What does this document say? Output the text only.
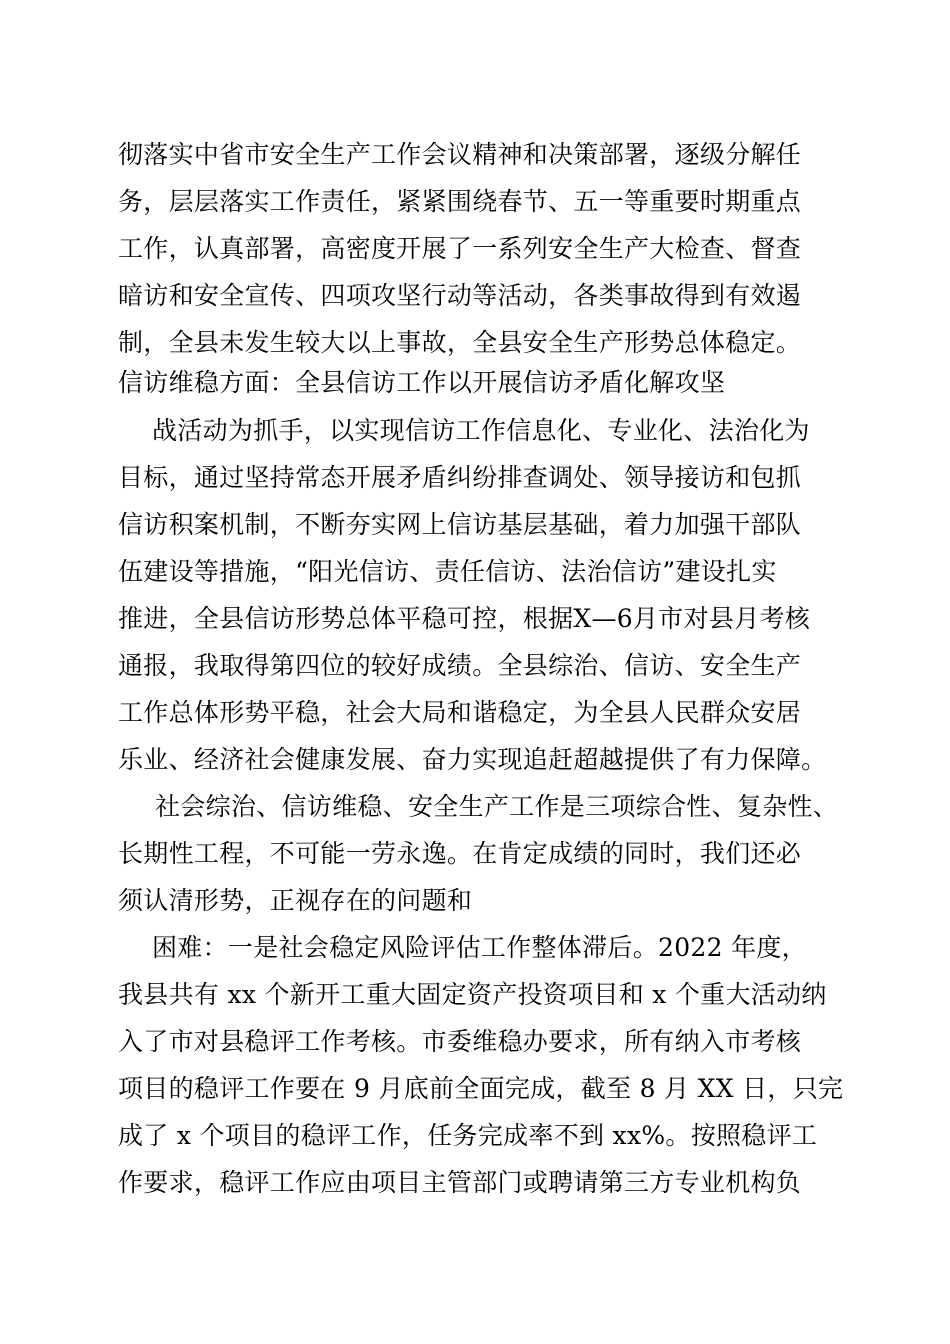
彻落实中省市安全生产工作会议精神和决策部署，逐级分解任
务，层层落实工作责任，紧紧围绕春节、五一等重要时期重点
工作，认真部署，高密度开展了一系列安全生产大检查、督查
暗访和安全宣传、四项攻坚行动等活动，各类事故得到有效遏
制，全县未发生较大以上事故，全县安全生产形势总体稳定。
信访维稳方面：全县信访工作以开展信访矛盾化解攻坚
战活动为抓手，以实现信访工作信息化、专业化、法治化为
目标，通过坚持常态开展矛盾纠纷排查调处、领导接访和包抓
信访积案机制，不断夯实网上信访基层基础，着力加强干部队
伍建设等措施，“阳光信访、责任信访、法治信访”建设扎实
推进，全县信访形势总体平稳可控，根据X—6月市对县月考核
通报，我取得第四位的较好成绩。全县综治、信访、安全生产
工作总体形势平稳，社会大局和谐稳定，为全县人民群众安居
乐业、经济社会健康发展、奋力实现追赶超越提供了有力保障。
社会综治、信访维稳、安全生产工作是三项综合性、复杂性、
长期性工程，不可能一劳永逸。在肯定成绩的同时，我们还必
须认清形势，正视存在的问题和
困难：一是社会稳定风险评估工作整体滞后。2022 年度，
我县共有 xx 个新开工重大固定资产投资项目和 x 个重大活动纳
入了市对县稳评工作考核。市委维稳办要求，所有纳入市考核
项目的稳评工作要在 9 月底前全面完成，截至 8 月 XX 日，只完
成了 x 个项目的稳评工作，任务完成率不到 xx%。按照稳评工
作要求，稳评工作应由项目主管部门或聘请第三方专业机构负
